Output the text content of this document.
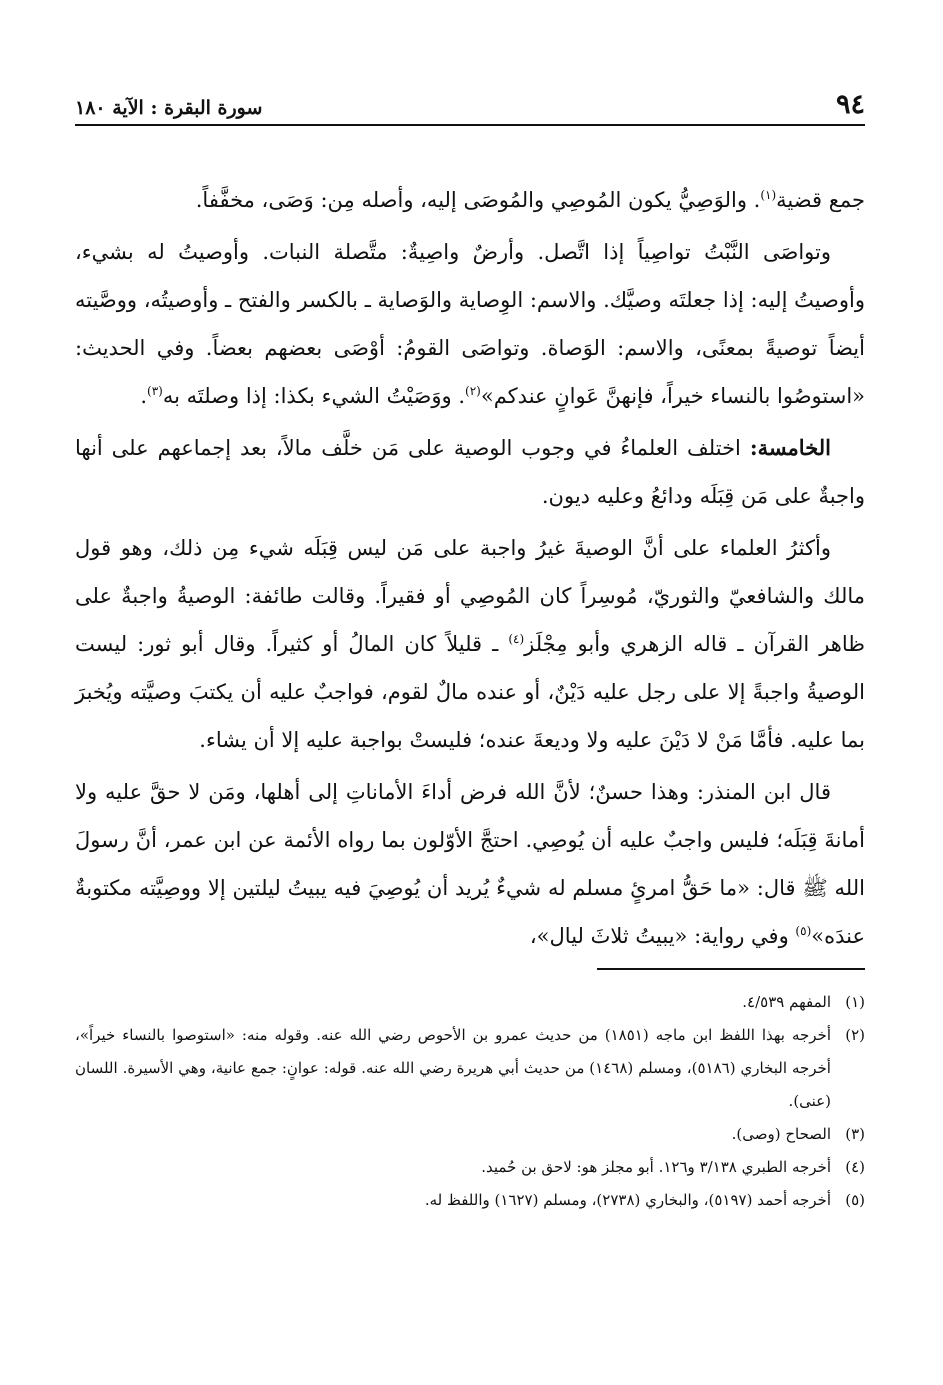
٩٤
سورة البقرة : الآية ١٨٠

جمع قضية$^{(١)}$. والوَصِيُّ يكون المُوصِي والمُوصَى إليه، وأصله مِن: وَصَى، مخفَّفاً.

وتواصَى النَّبْتُ تواصِياً إذا اتَّصل. وأرضٌ واصِيةٌ: متَّصلة النبات. وأوصيتُ له بشيء، وأوصيتُ إليه: إذا جعلتَه وصيَّك. والاسم: الوِصاية والوَصاية ـ بالكسر والفتح ـ وأوصيتُه، ووصَّيته أيضاً توصيةً بمعنًى، والاسم: الوَصاة. وتواصَى القومُ: أوْصَى بعضهم بعضاً. وفي الحديث: «استوصُوا بالنساء خيراً، فإنهنَّ عَوانٍ عندكم»$^{(٢)}$. ووَصَيْتُ الشيء بكذا: إذا وصلتَه به$^{(٣)}$.

الخامسة: اختلف العلماءُ في وجوب الوصية على مَن خلَّف مالاً، بعد إجماعهم على أنها واجبةٌ على مَن قِبَلَه ودائعُ وعليه ديون.

وأكثرُ العلماء على أنَّ الوصيةَ غيرُ واجبة على مَن ليس قِبَلَه شيء مِن ذلك، وهو قول مالك والشافعيّ والثوريّ، مُوسِراً كان المُوصِي أو فقيراً. وقالت طائفة: الوصيةُ واجبةٌ على ظاهر القرآن ـ قاله الزهري وأبو مِجْلَز$^{(٤)}$ ـ قليلاً كان المالُ أو كثيراً. وقال أبو ثور: ليست الوصيةُ واجبةً إلا على رجل عليه دَيْنٌ، أو عنده مالٌ لقوم، فواجبٌ عليه أن يكتبَ وصيَّته ويُخبرَ بما عليه. فأمَّا مَنْ لا دَيْنَ عليه ولا وديعةَ عنده؛ فليستْ بواجبة عليه إلا أن يشاء.

قال ابن المنذر: وهذا حسنٌ؛ لأنَّ الله فرض أداءَ الأماناتِ إلى أهلها، ومَن لا حقَّ عليه ولا أمانةَ قِبَلَه؛ فليس واجبٌ عليه أن يُوصِي. احتجَّ الأوّلون بما رواه الأئمة عن ابن عمر، أنَّ رسولَ الله ﷺ قال: «ما حَقُّ امرئٍ مسلم له شيءٌ يُريد أن يُوصِيَ فيه يبيتُ ليلتين إلا ووصِيَّته مكتوبةٌ عندَه»$^{(٥)}$ وفي رواية: «يبيتُ ثلاثَ ليال»،

(١)
المفهم ٤/٥٣٩.
(٢)
أخرجه بهذا اللفظ ابن ماجه (١٨٥١) من حديث عمرو بن الأحوص رضي الله عنه. وقوله منه: «استوصوا بالنساء خيراً»، أخرجه البخاري (٥١٨٦)، ومسلم (١٤٦٨) من حديث أبي هريرة رضي الله عنه. قوله: عوانٍ: جمع عانية، وهي الأسيرة. اللسان (عنى).
(٣)
الصحاح (وصى).
(٤)
أخرجه الطبري ٣/١٣٨ و١٢٦. أبو مجلز هو: لاحق بن حُميد.
(٥)
أخرجه أحمد (٥١٩٧)، والبخاري (٢٧٣٨)، ومسلم (١٦٢٧) واللفظ له.
